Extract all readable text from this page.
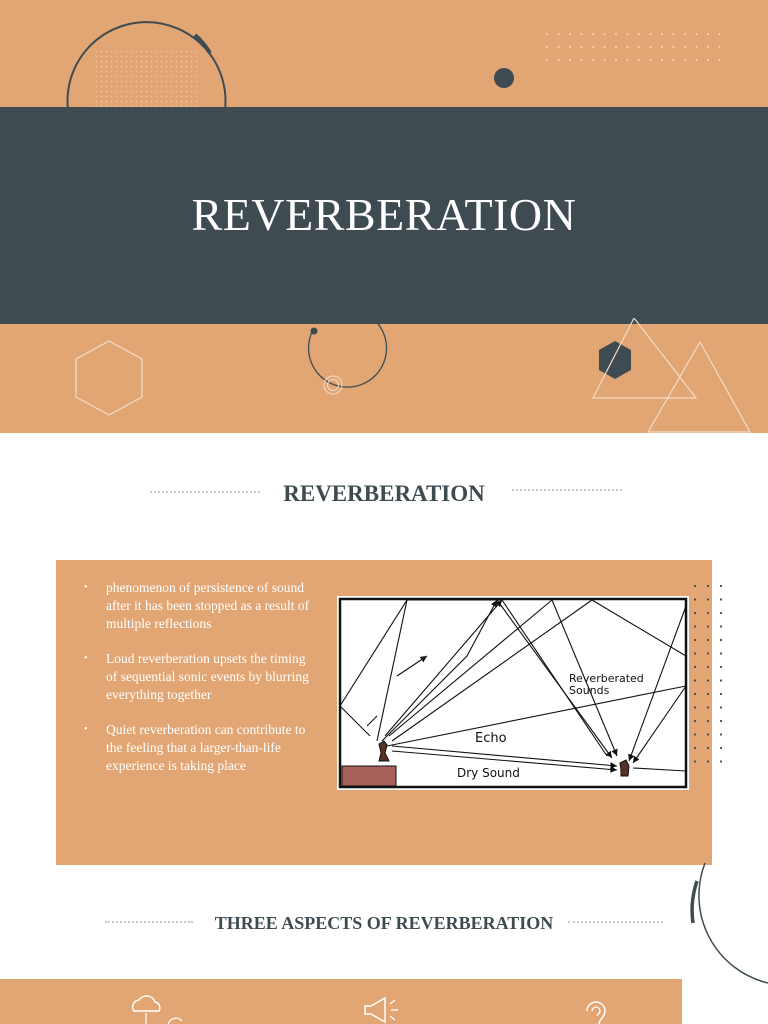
REVERBERATION
REVERBERATION
• phenomenon of persistence of sound after it has been stopped as a result of multiple reflections
• Loud reverberation upsets the timing of sequential sonic events by blurring everything together
• Quiet reverberation can contribute to the feeling that a larger-than-life experience is taking place
Reverberated
Sounds
Echo
Dry Sound
THREE ASPECTS OF REVERBERATION
